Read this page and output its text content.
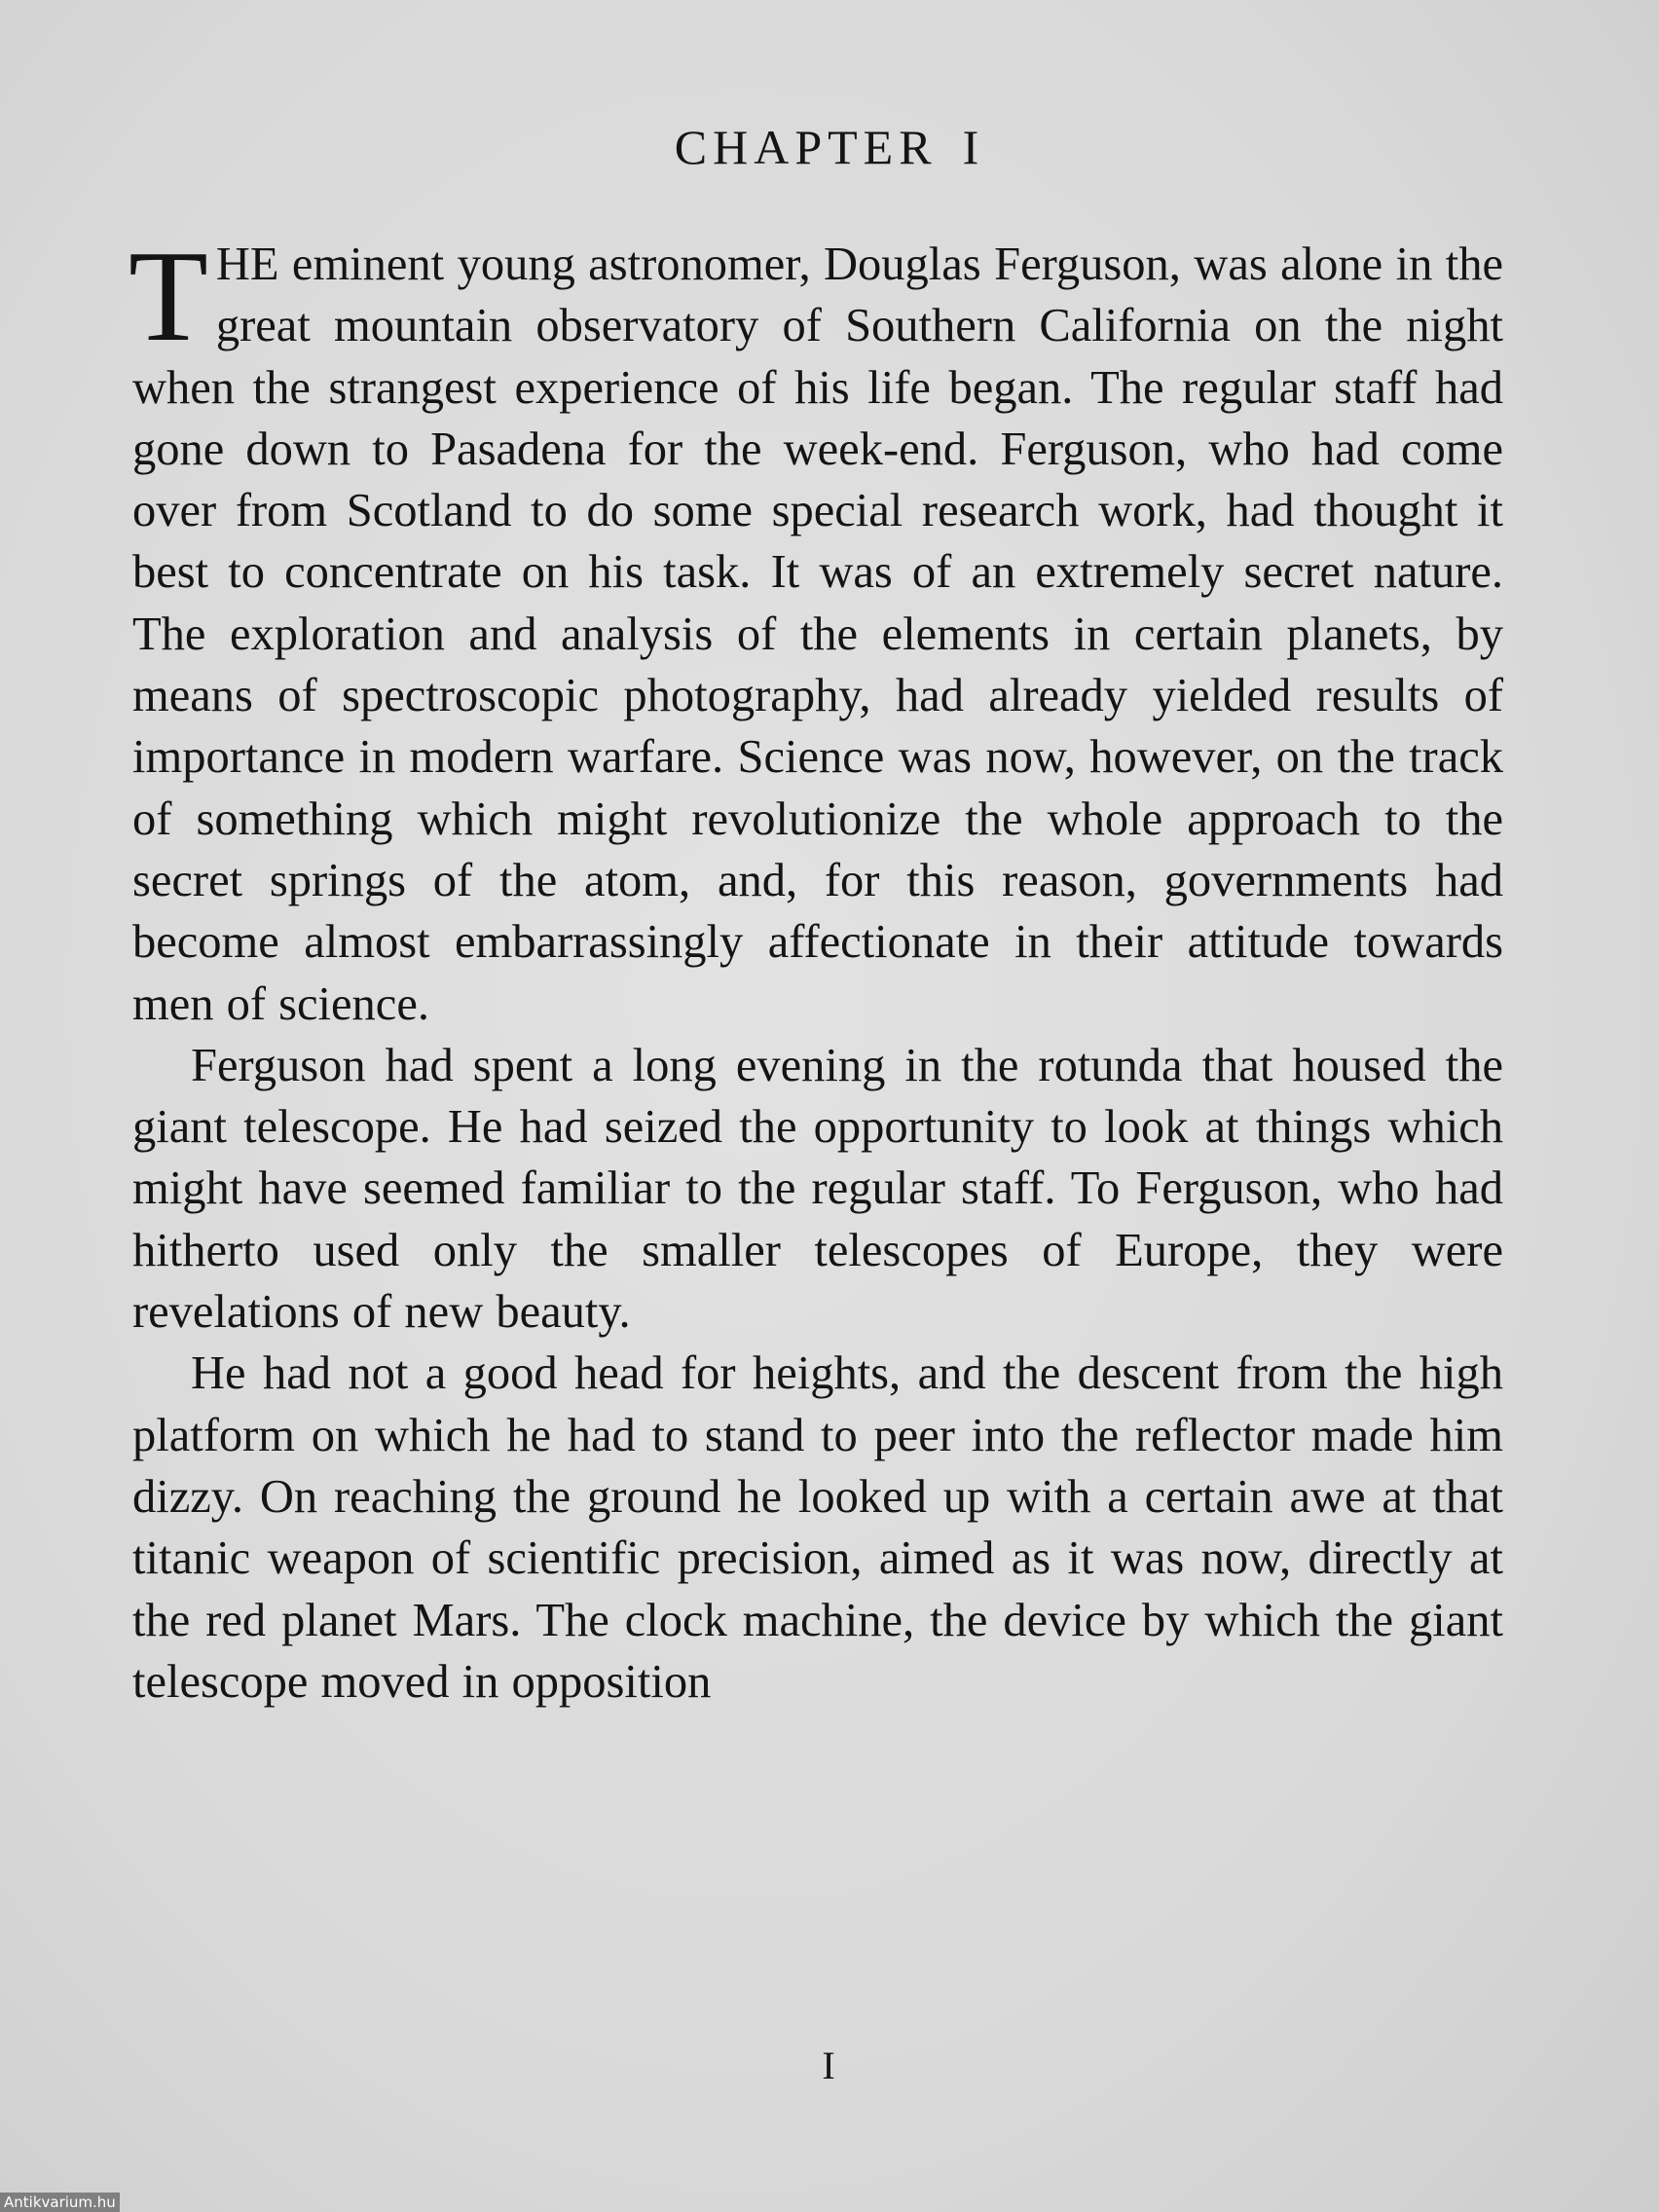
CHAPTER I

THE eminent young astronomer, Douglas Ferguson, was alone in the great mountain observatory of Southern California on the night when the strangest experience of his life began. The regular staff had gone down to Pasadena for the week-end. Ferguson, who had come over from Scotland to do some special research work, had thought it best to concentrate on his task. It was of an extremely secret nature. The exploration and analysis of the elements in certain planets, by means of spectroscopic photography, had already yielded results of importance in modern warfare. Science was now, however, on the track of something which might revolutionize the whole approach to the secret springs of the atom, and, for this reason, governments had become almost embarrassingly affectionate in their attitude towards men of science.

Ferguson had spent a long evening in the rotunda that housed the giant telescope. He had seized the opportunity to look at things which might have seemed familiar to the regular staff. To Ferguson, who had hitherto used only the smaller telescopes of Europe, they were revelations of new beauty.

He had not a good head for heights, and the descent from the high platform on which he had to stand to peer into the reflector made him dizzy. On reaching the ground he looked up with a certain awe at that titanic weapon of scientific precision, aimed as it was now, directly at the red planet Mars. The clock machine, the device by which the giant telescope moved in opposition

I
Antikvarium.hu
